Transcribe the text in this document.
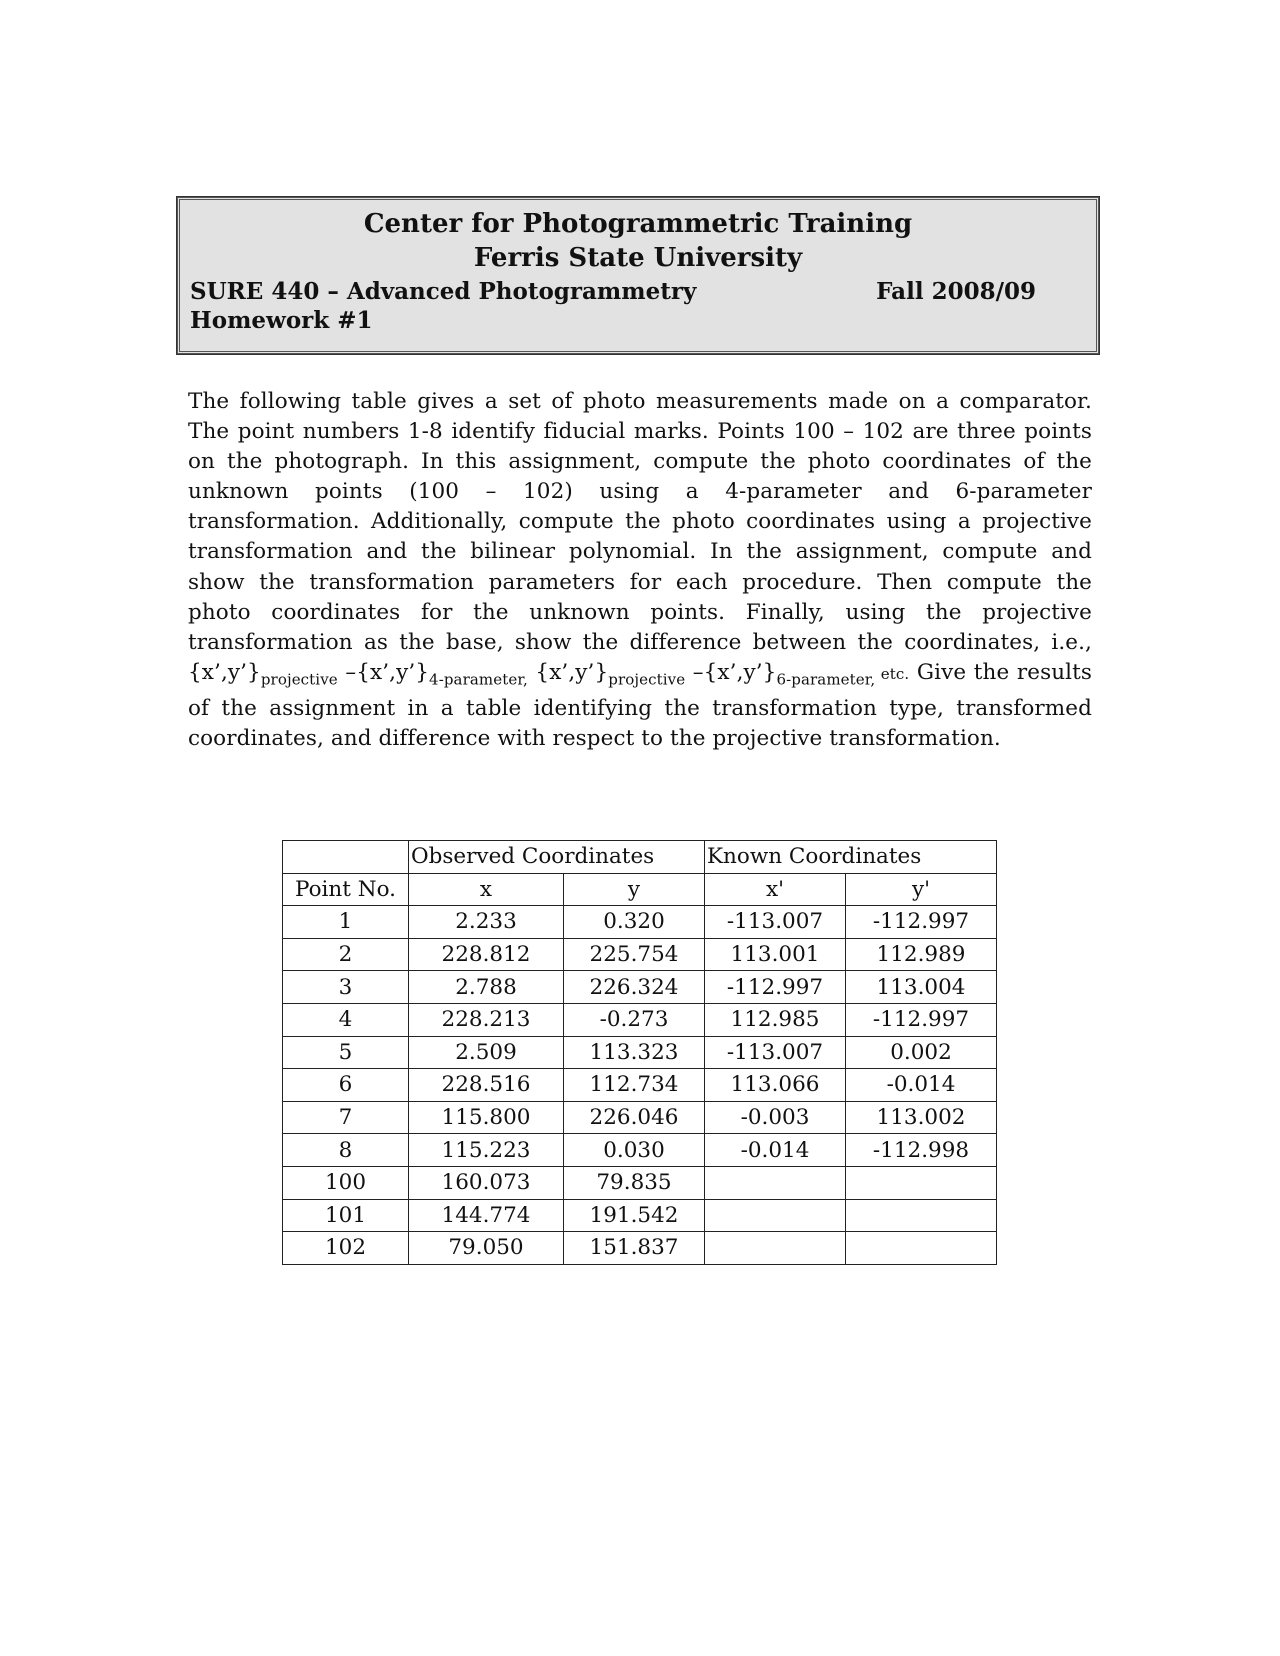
Center for Photogrammetric Training
Ferris State University
SURE 440 – Advanced Photogrammetry	Fall 2008/09
Homework #1
The following table gives a set of photo measurements made on a comparator. The point numbers 1-8 identify fiducial marks. Points 100 – 102 are three points on the photograph. In this assignment, compute the photo coordinates of the unknown points (100 – 102) using a 4-parameter and 6-parameter transformation. Additionally, compute the photo coordinates using a projective transformation and the bilinear polynomial. In the assignment, compute and show the transformation parameters for each procedure. Then compute the photo coordinates for the unknown points. Finally, using the projective transformation as the base, show the difference between the coordinates, i.e., $\{x’,y’\}_{projective}$ $-\{x’,y’\}_{4-parameter,}$ $\{x’,y’\}_{projective}$ $-\{x’,y’\}_{6-parameter,}$ etc. Give the results of the assignment in a table identifying the transformation type, transformed coordinates, and difference with respect to the projective transformation.
	Observed Coordinates		Known Coordinates	
Point No.	x	y	x'	y'
1	2.233	0.320	-113.007	-112.997
2	228.812	225.754	113.001	112.989
3	2.788	226.324	-112.997	113.004
4	228.213	-0.273	112.985	-112.997
5	2.509	113.323	-113.007	0.002
6	228.516	112.734	113.066	-0.014
7	115.800	226.046	-0.003	113.002
8	115.223	0.030	-0.014	-112.998
100	160.073	79.835		
101	144.774	191.542		
102	79.050	151.837		
